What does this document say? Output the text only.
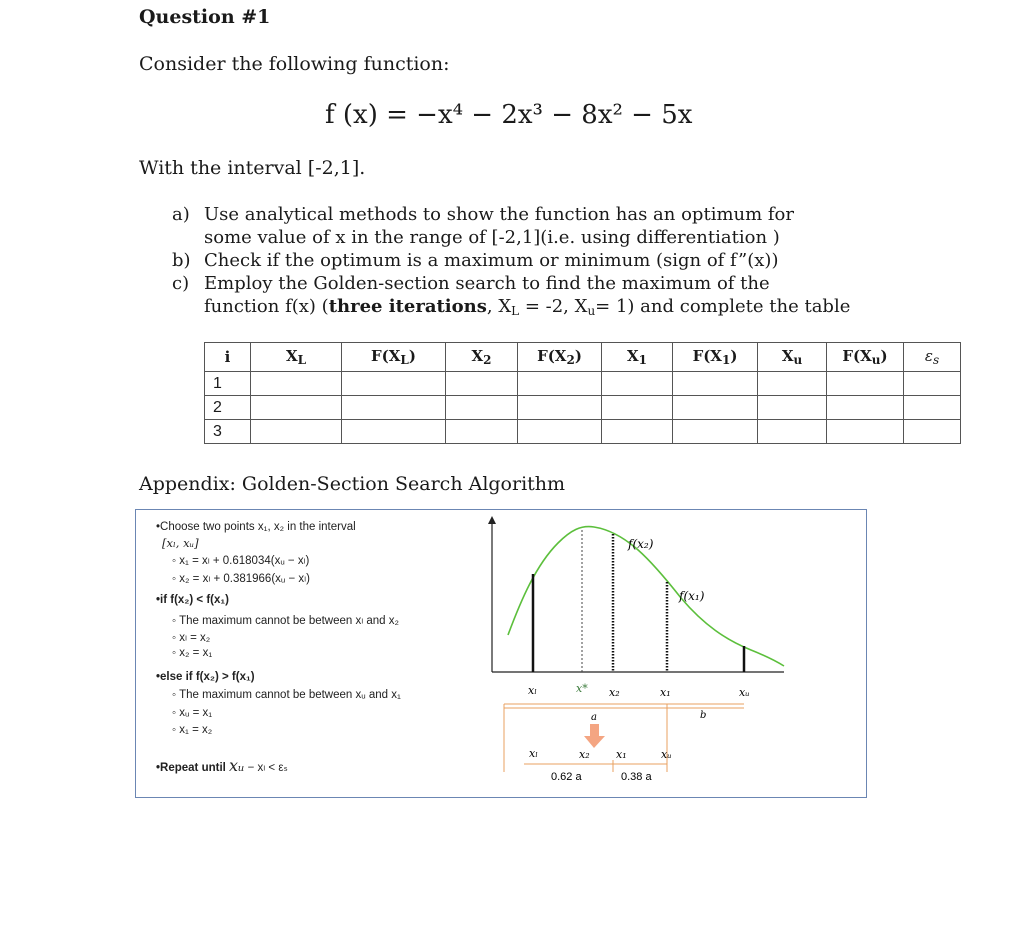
Question #1
Consider the following function:
f (x) = −x⁴ − 2x³ − 8x² − 5x
With the interval [-2,1].
a) Use analytical methods to show the function has an optimum for
some value of x in the range of [-2,1](i.e. using differentiation )
b) Check if the optimum is a maximum or minimum (sign of f”(x))
c) Employ the Golden-section search to find the maximum of the
function f(x) (three iterations, $X_L = -2$, $X_u= 1$) and complete the table
i	$X_L$	$F(X_L)$	$X_2$	$F(X_2)$	$X_1$	$F(X_1)$	$X_u$	$F(X_u)$	$\varepsilon_s$
1									
2									
3									
Appendix: Golden-Section Search Algorithm
•Choose two points x₁, x₂ in the interval
[xₗ, xᵤ]
◦ x₁ = xₗ + 0.618034(xᵤ − xₗ)
◦ x₂ = xₗ + 0.381966(xᵤ − xₗ)
•if f(x₂) < f(x₁)
◦ The maximum cannot be between xₗ and x₂
◦ xₗ = x₂
◦ x₂ = x₁
•else if f(x₂) > f(x₁)
◦ The maximum cannot be between xᵤ and x₁
◦ xᵤ = x₁
◦ x₁ = x₂
•Repeat until xᵤ − xₗ < εₛ
f(x₂)
f(x₁)
xₗ	x* x₂	x₁	xᵤ
a	b
xₗ	x₂ x₁	xᵤ
0.62 a	0.38 a
